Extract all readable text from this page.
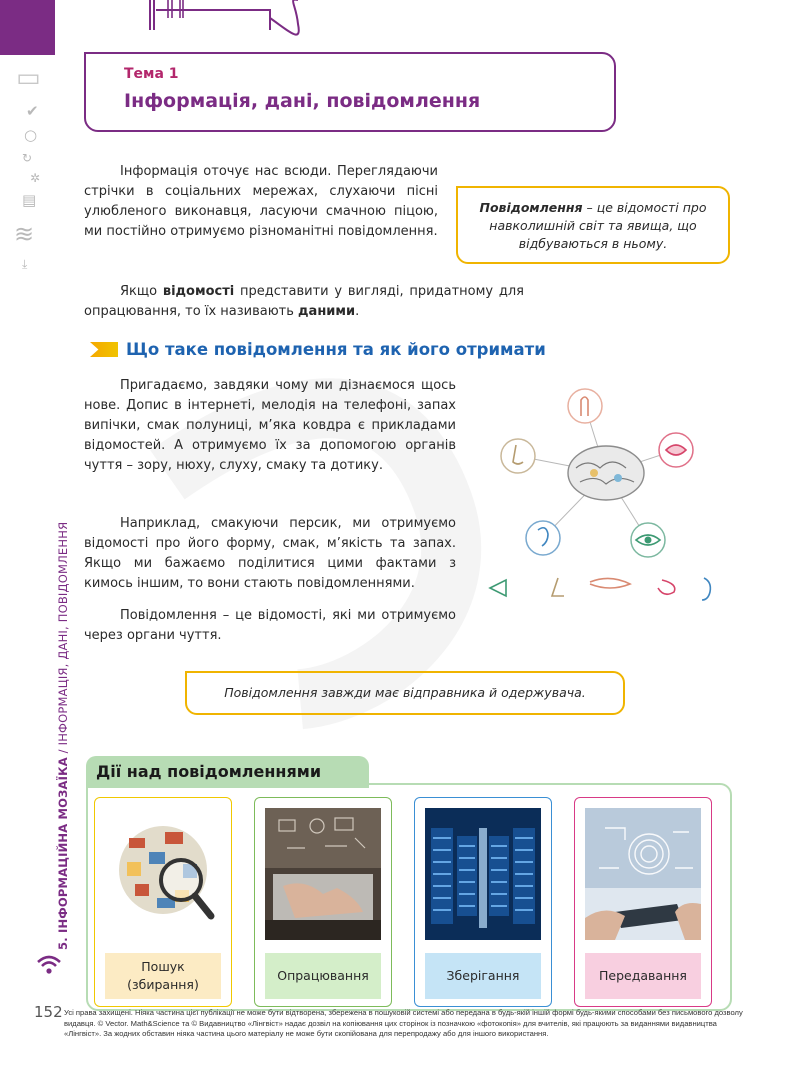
▭
✔
○
↻
✲
▤
≋
⤓
5. ІНФОРМАЦІЙНА МОЗАЇКА / ІНФОРМАЦІЯ, ДАНІ, ПОВІДОМЛЕННЯ
152
Тема 1
Інформація, дані, повідомлення

Інформація оточує нас всюди. Переглядаючи стрічки в соціальних мережах, слухаючи пісні улюбленого виконавця, ласуючи смачною піцою, ми постійно отримуємо різноманітні повідомлення.

Якщо відомості представити у вигляді, придатному для опрацювання, то їх називають даними.

Повідомлення – це відомості про навколишній світ та явища, що відбуваються в ньому.
Що таке повідомлення та як його отримати

Пригадаємо, завдяки чому ми дізнаємося щось нове. Допис в інтернеті, мелодія на телефоні, запах випічки, смак полуниці, м’яка ковдра є прикладами відомостей. А отримуємо їх за допомогою органів чуття – зору, нюху, слуху, смаку та дотику.

Наприклад, смакуючи персик, ми отримуємо відомості про його форму, смак, м’якість та запах. Якщо ми бажаємо поділитися цими фактами з кимось іншим, то вони стають повідомленнями.

Повідомлення – це відомості, які ми отримуємо через органи чуття.

Повідомлення завжди має відправника й одержувача.
Дії над повідомленнями
Пошук (збирання)
Опрацювання	Зберігання	Передавання
Усі права захищені. Ніяка частина цієї публікації не може бути відтворена, збережена в пошуковій системі або передана в будь-якій іншій формі будь-якими способами без письмового дозволу видавця. © Vector. Math&Science та © Видавництво «Лінгвіст» надає дозвіл на копіювання цих сторінок із позначкою «фотокопія» для вчителів, які працюють за виданнями видавництва «Лінгвіст». За жодних обставин ніяка частина цього матеріалу не може бути скопійована для перепродажу або для іншого використання.
